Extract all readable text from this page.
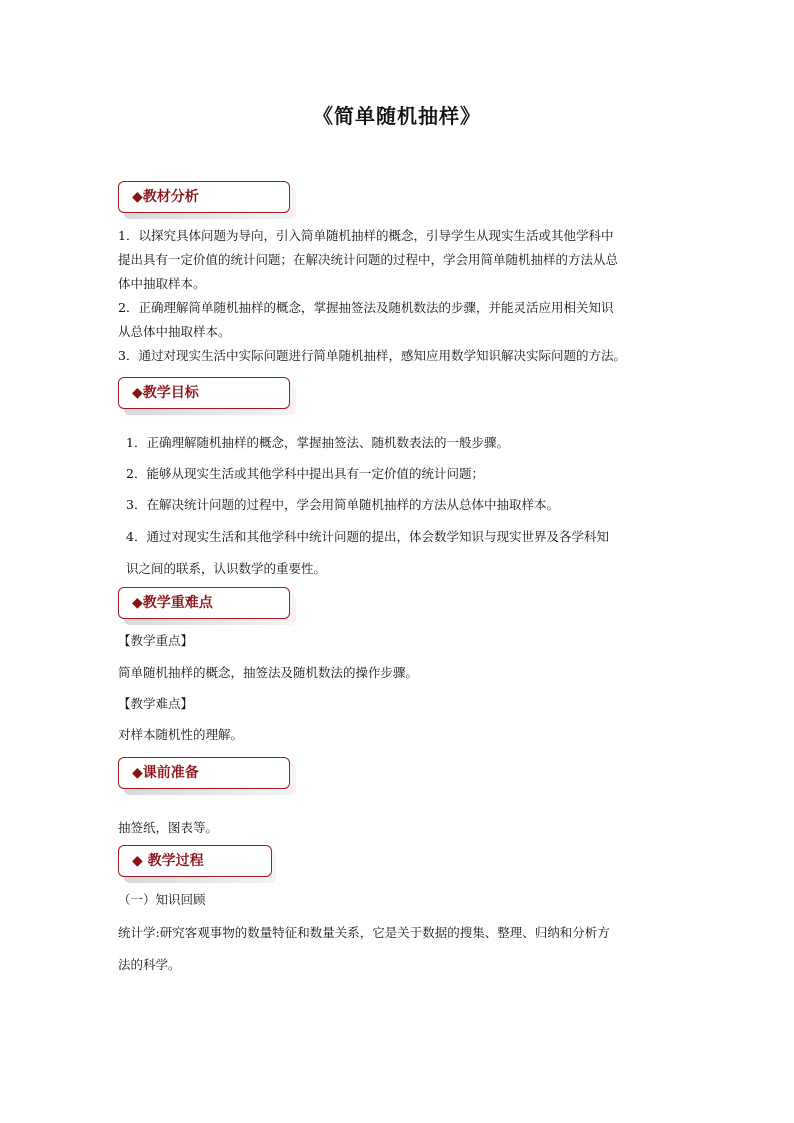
《简单随机抽样》
◆教材分析
1．以探究具体问题为导向，引入简单随机抽样的概念，引导学生从现实生活或其他学科中
提出具有一定价值的统计问题；在解决统计问题的过程中，学会用简单随机抽样的方法从总
体中抽取样本。
2．正确理解简单随机抽样的概念，掌握抽签法及随机数法的步骤，并能灵活应用相关知识
从总体中抽取样本。
3．通过对现实生活中实际问题进行简单随机抽样，感知应用数学知识解决实际问题的方法。
◆教学目标
1．正确理解随机抽样的概念，掌握抽签法、随机数表法的一般步骤。
2．能够从现实生活或其他学科中提出具有一定价值的统计问题；
3．在解决统计问题的过程中，学会用简单随机抽样的方法从总体中抽取样本。
4．通过对现实生活和其他学科中统计问题的提出，体会数学知识与现实世界及各学科知
识之间的联系，认识数学的重要性。
◆教学重难点
【教学重点】
简单随机抽样的概念，抽签法及随机数法的操作步骤。
【教学难点】
对样本随机性的理解。
◆课前准备
抽签纸，图表等。
◆ 教学过程
（一）知识回顾
统计学:研究客观事物的数量特征和数量关系，它是关于数据的搜集、整理、归纳和分析方
法的科学。
